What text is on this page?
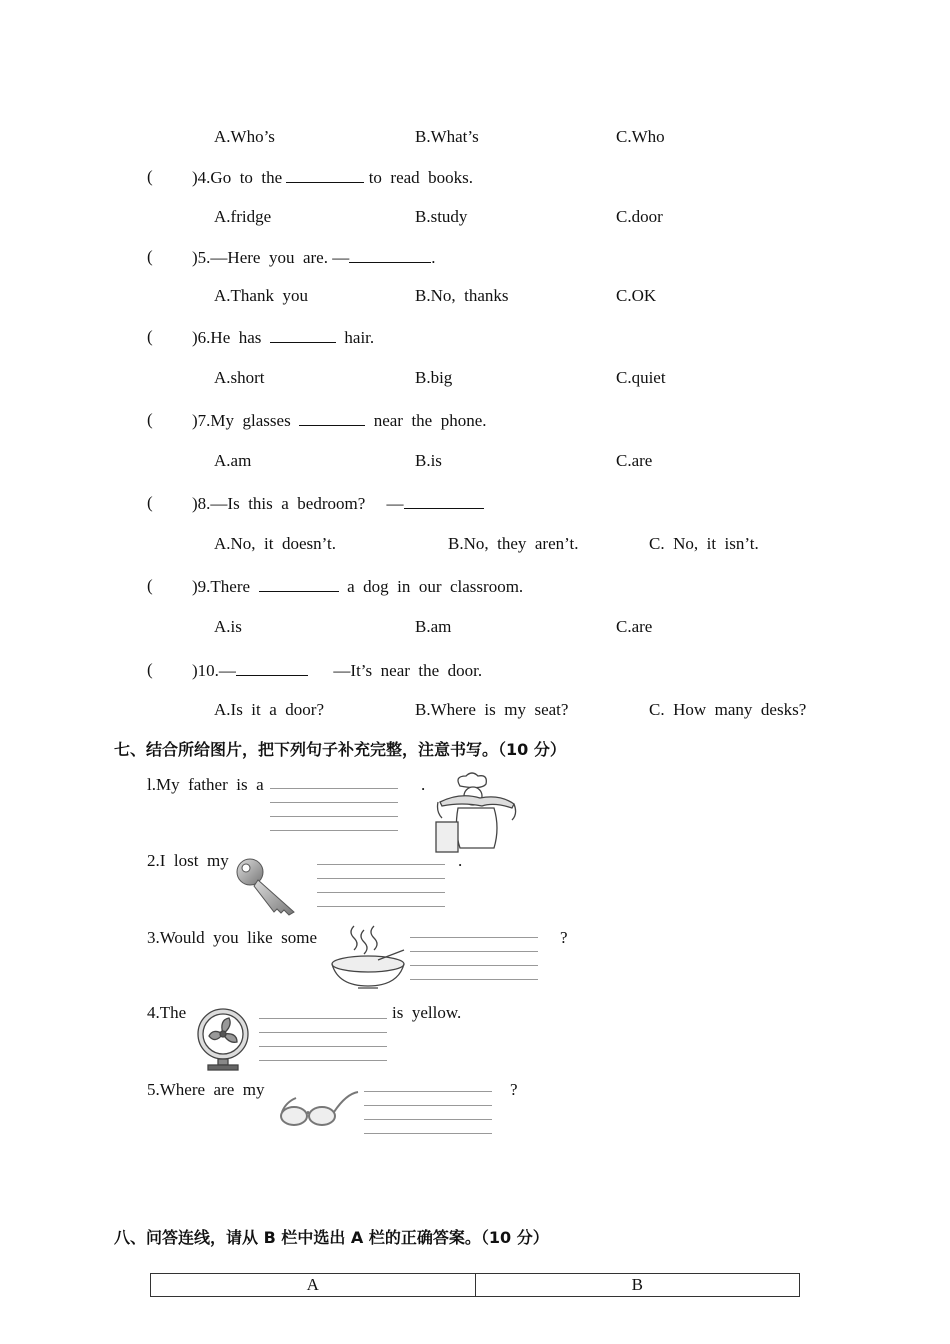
A.Who’s	B.What’s	C.Who
( )4.Go  to  the	to  read  books.
A.fridge	B.study	C.door
( )5.—Here  you  are. —	.
A.Thank  you	B.No,  thanks	C.OK
( )6.He  has	hair.
A.short	B.big	C.quiet
( )7.My  glasses	near  the  phone.
A.am	B.is	C.are
( )8.—Is  this  a  bedroom? —
A.No,  it  doesn’t.	B.No,  they  aren’t.	C.  No,  it  isn’t.
( )9.There	a  dog  in  our  classroom.
A.is	B.am	C.are
( )10.—	—It’s  near  the  door.
A.Is  it  a  door?	B.Where  is  my  seat?	C.  How  many  desks?
七、结合所给图片，把下列句子补充完整，注意书写。（10 分）
l.My  father  is  a	.
2.I  lost  my	.
3.Would  you  like  some	?
4.The	is  yellow.
5.Where  are  my	?
八、问答连线，请从 B 栏中选出 A 栏的正确答案。（10 分）
A	B
